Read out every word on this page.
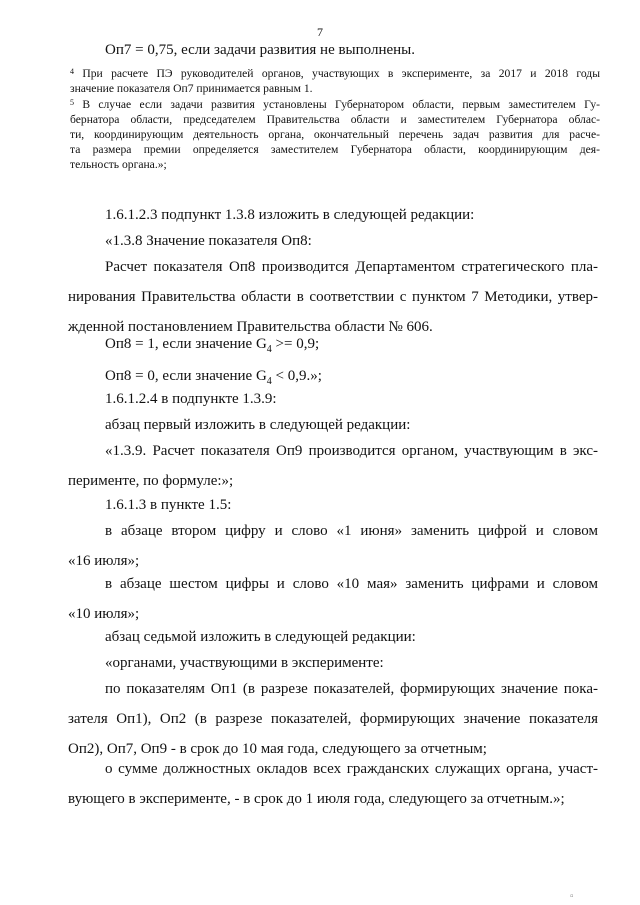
7
Оп7 = 0,75, если задачи развития не выполнены.
$^4$ При расчете ПЭ руководителей органов, участвующих в эксперименте, за 2017 и 2018 годы
значение показателя Оп7 принимается равным 1.
$^5$ В случае если задачи развития установлены Губернатором области, первым заместителем Гу-
бернатора области, председателем Правительства области и заместителем Губернатора облас-
ти, координирующим деятельность органа, окончательный перечень задач развития для расче-
та размера премии определяется заместителем Губернатора области, координирующим дея-
тельность органа.»;
1.6.1.2.3 подпункт 1.3.8 изложить в следующей редакции:
«1.3.8 Значение показателя Оп8:
Расчет показателя Оп8 производится Департаментом стратегического пла-
нирования Правительства области в соответствии с пунктом 7 Методики, утвер-
жденной постановлением Правительства области № 606.
Оп8 = 1, если значение $G_4 >= 0,9$;
Оп8 = 0, если значение $G_4 < 0,9$.»;
1.6.1.2.4 в подпункте 1.3.9:
абзац первый изложить в следующей редакции:
«1.3.9. Расчет показателя Оп9 производится органом, участвующим в экс-
перименте, по формуле:»;
1.6.1.3 в пункте 1.5:
в абзаце втором цифру и слово «1 июня» заменить цифрой и словом
«16 июля»;
в абзаце шестом цифры и слово «10 мая» заменить цифрами и словом
«10 июля»;
абзац седьмой изложить в следующей редакции:
«органами, участвующими в эксперименте:
по показателям Оп1 (в разрезе показателей, формирующих значение пока-
зателя Оп1), Оп2 (в разрезе показателей, формирующих значение показателя
Оп2), Оп7, Оп9 - в срок до 10 мая года, следующего за отчетным;
о сумме должностных окладов всех гражданских служащих органа, участ-
вующего в эксперименте, - в срок до 1 июля года, следующего за отчетным.»;
▫
